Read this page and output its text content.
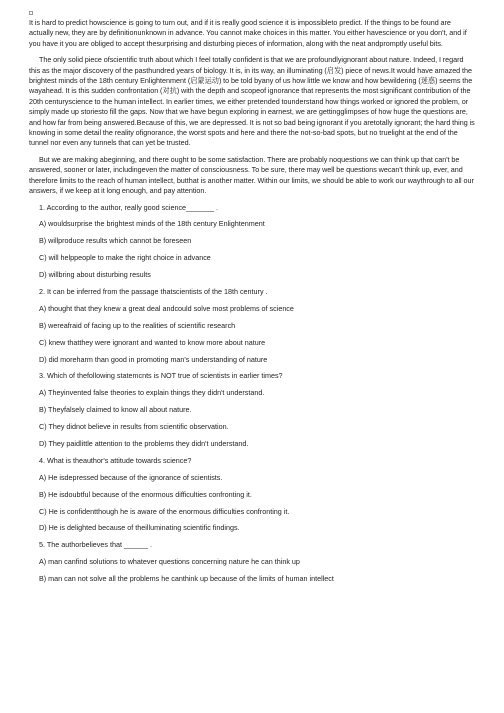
It is hard to predict howscience is going to turn out, and if it is really good science it is impossibleto predict. If the things to be found are actually new, they are by definitionunknown in advance. You cannot make choices in this matter. You either havescience or you don't, and if you have it you are obliged to accept thesurprising and disturbing pieces of information, along with the neat andpromptly useful bits.

The only solid piece ofscientific truth about which I feel totally confident is that we are profoundlyignorant about nature. Indeed, I regard this as the major discovery of the pasthundred years of biology. It is, in its way, an illuminating (启发) piece of news.It would have amazed the brightest minds of the 18th century Enlightenment (启蒙运动) to be told byany of us how little we know and how bewildering (迷惑) seems the wayahead. It is this sudden confrontation (对抗) with the depth and scopeof ignorance that represents the most significant contribution of the 20th centuryscience to the human intellect. In earlier times, we either pretended tounderstand how things worked or ignored the problem, or simply made up storiesto fill the gaps. Now that we have begun exploring in earnest, we are gettingglimpses of how huge the questions are, and how far from being answered.Because of this, we are depressed. It is not so bad being ignorant if you aretotally ignorant; the hard thing is knowing in some detail the reality ofignorance, the worst spots and here and there the not-so-bad spots, but no truelight at the end of the tunnel nor even any tunnels that can yet be trusted.

But we are making abeginning, and there ought to be some satisfaction. There are probably noquestions we can think up that can't be answered, sooner or later, includingeven the matter of consciousness. To be sure, there may well be questions wecan't think up, ever, and therefore limits to the reach of human intellect, butthat is another matter. Within our limits, we should be able to work our waythrough to all our answers, if we keep at it long enough, and pay attention.

1. According to the author, really good science_______ .

A) wouldsurprise the brightest minds of the 18th century Enlightenment

B) willproduce results which cannot be foreseen

C) will helppeople to make the right choice in advance

D) willbring about disturbing results

2. It can be inferred from the passage thatscientists of the 18th century .

A) thought that they knew a great deal andcould solve most problems of science

B) wereafraid of facing up to the realities of scientific research

C) knew thatthey were ignorant and wanted to know more about nature

D) did moreharm than good in promoting man's understanding of nature

3. Which of thefollowing statemcnts is NOT true of scientists in earlier times?

A) Theyinvented false theories to explain things they didn't understand.

B) Theyfalsely claimed to know all about nature.

C) They didnot believe in results from scientific observation.

D) They paidlittle attention to the problems they didn't understand.

4. What is theauthor's attitude towards science?

A) He isdepressed because of the ignorance of scientists.

B) He isdoubtful because of the enormous difficulties confronting it.

C) He is confidentthough he is aware of the enormous difficulties confronting it.

D) He is delighted because of theilluminating scientific findings.

5. The authorbelieves that ______ .

A) man canfind solutions to whatever questions concerning nature he can think up

B) man can not solve all the problems he canthink up because of the limits of human intellect
